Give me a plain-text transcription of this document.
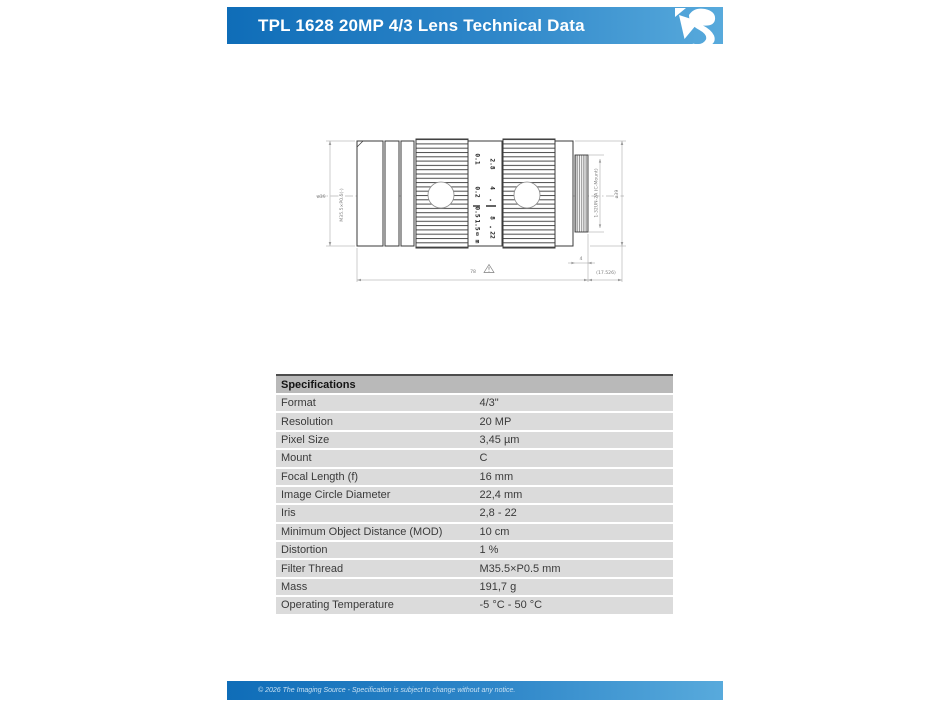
TPL 1628 20MP 4/3 Lens Technical Data
0.1
0.2
0.5
1.5
∞
m
2.8
4
8
22
ø39	M35.5×P0.5(-)	ø39
1-32UN-2A (C-Mount)
78
4
(17.526)
Specifications	
Format	4/3"
Resolution	20 MP
Pixel Size	3,45 µm
Mount	C
Focal Length (f)	16 mm
Image Circle Diameter	22,4 mm
Iris	2,8 - 22
Minimum Object Distance (MOD)	10 cm
Distortion	1 %
Filter Thread	M35.5×P0.5 mm
Mass	191,7 g
Operating Temperature	-5 °C - 50 °C
© 2026 The Imaging Source - Specification is subject to change without any notice.
